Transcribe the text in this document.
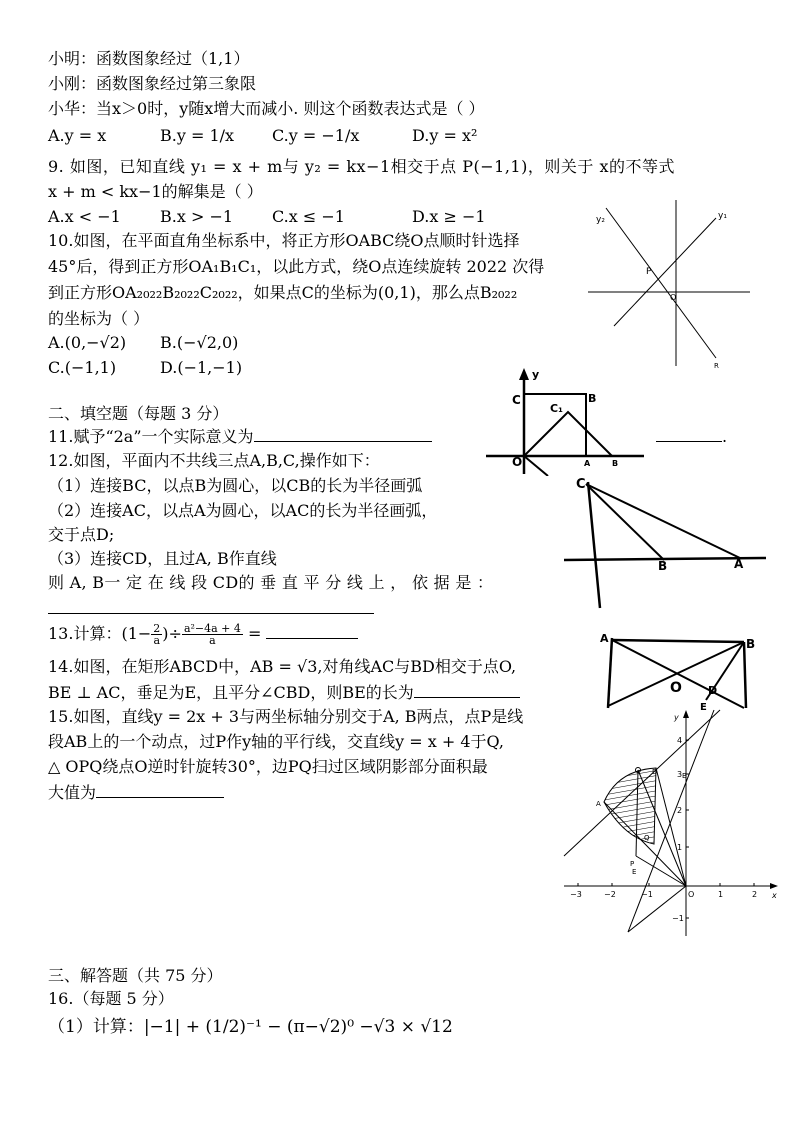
小明：函数图象经过（1,1）
小刚：函数图象经过第三象限
小华：当x＞0时，y随x增大而减小. 则这个函数表达式是（ ）
A.y = x	B.y = 1/x C.y = −1/x	D.y = x²
9. 如图，已知直线 y₁ = x + m与 y₂ = kx−1相交于点 P(−1,1)，则关于 x的不等式
x + m < kx−1的解集是（ ）
A.x < −1 B.x > −1 C.x ≤ −1	D.x ≥ −1	y₂	y₁
P
O
R
10.如图，在平面直角坐标系中，将正方形OABC绕O点顺时针选择
45°后，得到正方形OA₁B₁C₁，以此方式，绕O点连续旋转 2022 次得
到正方形OA₂₀₂₂B₂₀₂₂C₂₀₂₂，如果点C的坐标为(0,1)，那么点B₂₀₂₂
的坐标为（ ）
A.(0,−√2) B.(−√2,0)
C.(−1,1)	D.(−1,−1)	y
C	B
C₁
O	A	B
二、填空题（每题 3 分）
11.赋予“2a”一个实际意义为	.
12.如图，平面内不共线三点A,B,C,操作如下：
（1）连接BC，以点B为圆心，以CB的长为半径画弧
（2）连接AC，以点A为圆心，以AC的长为半径画弧，
交于点D;
（3）连接CD，且过A, B作直线
则 A, B一 定 在 线 段 CD的 垂 直 平 分 线 上 ， 依 据 是 ：
C
B	A
13.计算：($1- \frac{2}{a}$ )÷ $\frac{\text{a²−4a + 4}}{a}$ =
14.如图，在矩形ABCD中，AB = √3,对角线AC与BD相交于点O,
BE ⊥ AC，垂足为E，且平分∠CBD，则BE的长为
A	B
O D
E
15.如图，直线y = 2x + 3与两坐标轴分别交于A, B两点，点P是线
段AB上的一个动点，过P作y轴的平行线，交直线y = x + 4于Q,
△ OPQ绕点O逆时针旋转30°，边PQ扫过区域阴影部分面积最
大值为
−3	−2	−1	O	1	2
4
3
2
1
−1
x
y
A
B
P
Q
E
D
三、解答题（共 75 分）
16.（每题 5 分）
（1）计算：|−1| + (1/2)⁻¹ − (π−√2)⁰ −√3 × √12
